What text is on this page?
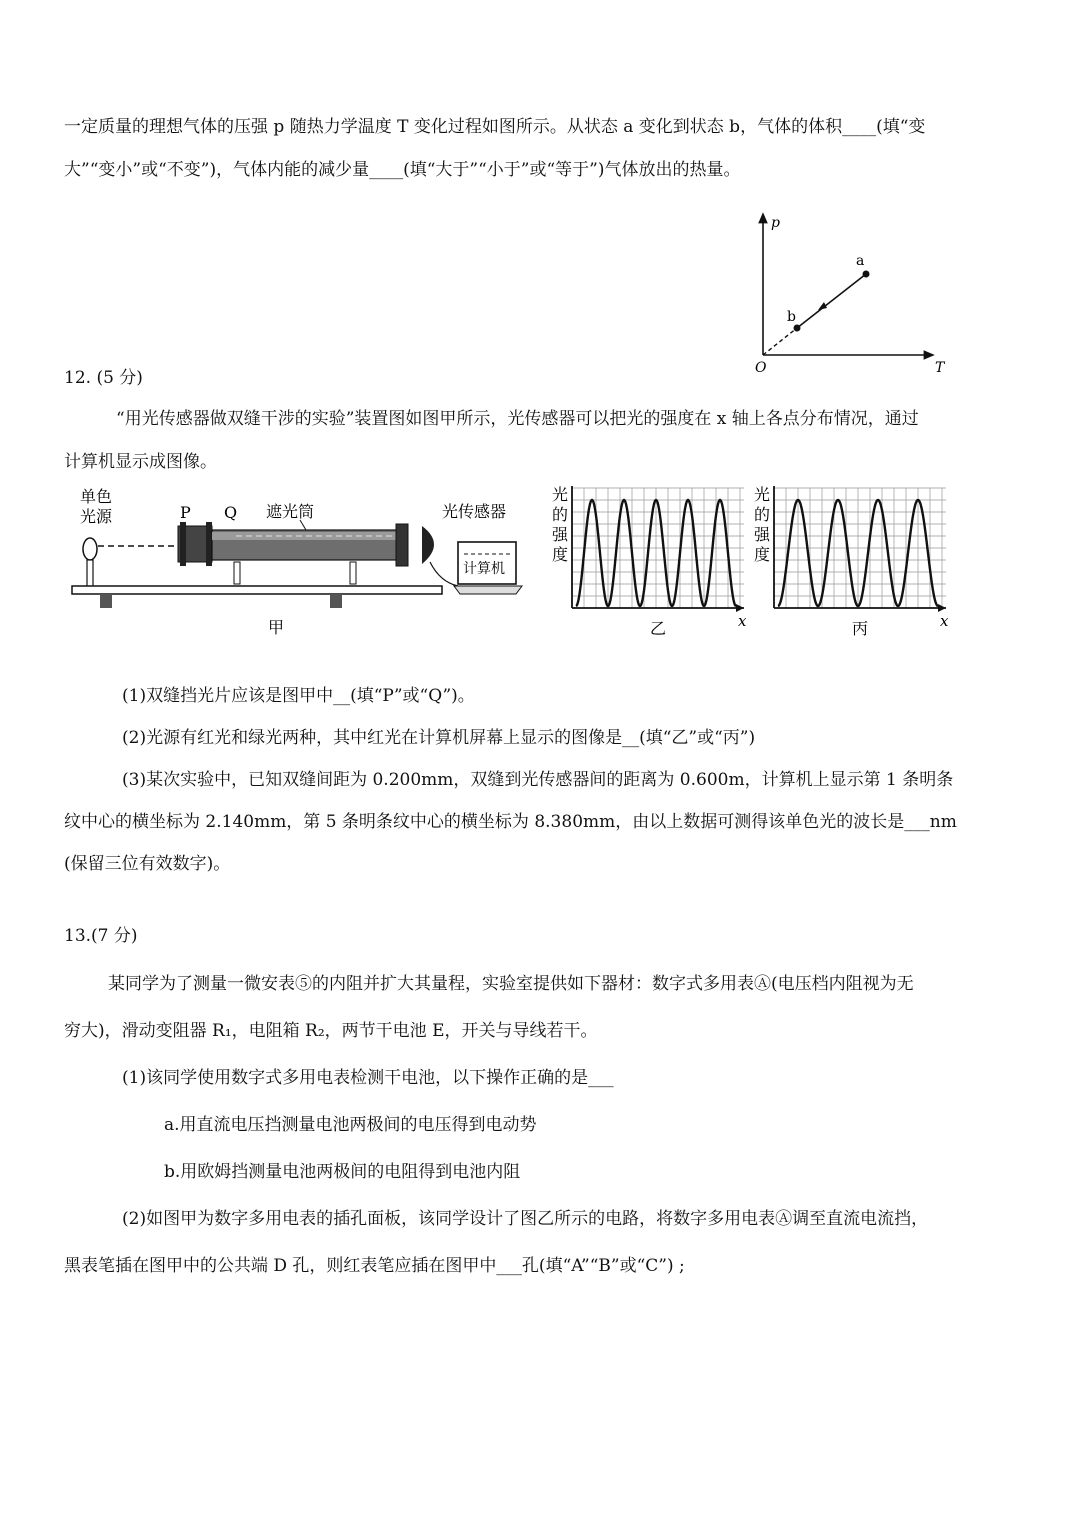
一定质量的理想气体的压强 p 随热力学温度 T 变化过程如图所示。从状态 a 变化到状态 b，气体的体积____(填“变
大”“变小”或“不变”)，气体内能的减少量____(填“大于”“小于”或“等于”)气体放出的热量。
p
T
O
a
b
12. (5 分)
“用光传感器做双缝干涉的实验”装置图如图甲所示，光传感器可以把光的强度在 x 轴上各点分布情况，通过
计算机显示成图像。
单色
光源	P Q 遮光筒	光传感器
甲
计算机
光
的
强
度
x
乙
光
的
强
度
x
丙
(1)双缝挡光片应该是图甲中__(填“P”或“Q”)。
(2)光源有红光和绿光两种，其中红光在计算机屏幕上显示的图像是__(填“乙”或“丙”)
(3)某次实验中，已知双缝间距为 0.200mm，双缝到光传感器间的距离为 0.600m，计算机上显示第 1 条明条
纹中心的横坐标为 2.140mm，第 5 条明条纹中心的横坐标为 8.380mm，由以上数据可测得该单色光的波长是___nm
(保留三位有效数字)。
13.(7 分)
某同学为了测量一微安表⑤的内阻并扩大其量程，实验室提供如下器材：数字式多用表Ⓐ(电压档内阻视为无
穷大)，滑动变阻器 R₁，电阻箱 R₂，两节干电池 E，开关与导线若干。
(1)该同学使用数字式多用电表检测干电池，以下操作正确的是___
a.用直流电压挡测量电池两极间的电压得到电动势
b.用欧姆挡测量电池两极间的电阻得到电池内阻
(2)如图甲为数字多用电表的插孔面板，该同学设计了图乙所示的电路，将数字多用电表Ⓐ调至直流电流挡，
黑表笔插在图甲中的公共端 D 孔，则红表笔应插在图甲中___孔(填“A”“B”或“C”) ;
